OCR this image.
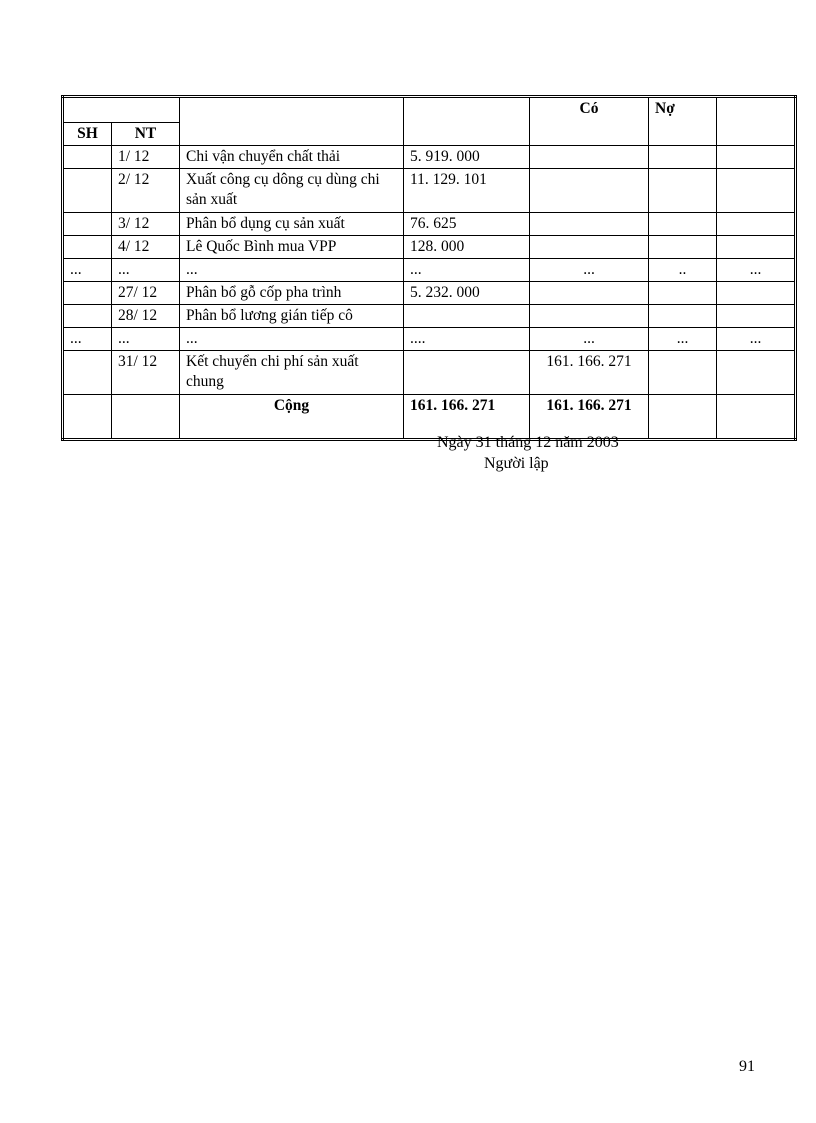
				Có	Nợ	
SH	NT					
	1/ 12	Chi vận chuyển chất thải	5. 919. 000			
	2/ 12	Xuất công cụ dông cụ dùng chi sản xuất	11. 129. 101			
	3/ 12	Phân bổ dụng cụ sản xuất	76. 625			
	4/ 12	Lê Quốc Bình mua VPP	128. 000			
...	...	...	...	...	..	...
	27/ 12	Phân bổ gỗ cốp pha trình	5. 232. 000			
	28/ 12	Phân bổ lương gián tiếp cô				
...	...	...	....	...	...	...
	31/ 12	Kết chuyển chi phí sản xuất chung		161. 166. 271		
		Cộng	161. 166. 271	161. 166. 271		
Ngày 31 tháng 12 năm 2003
Người lập
91
